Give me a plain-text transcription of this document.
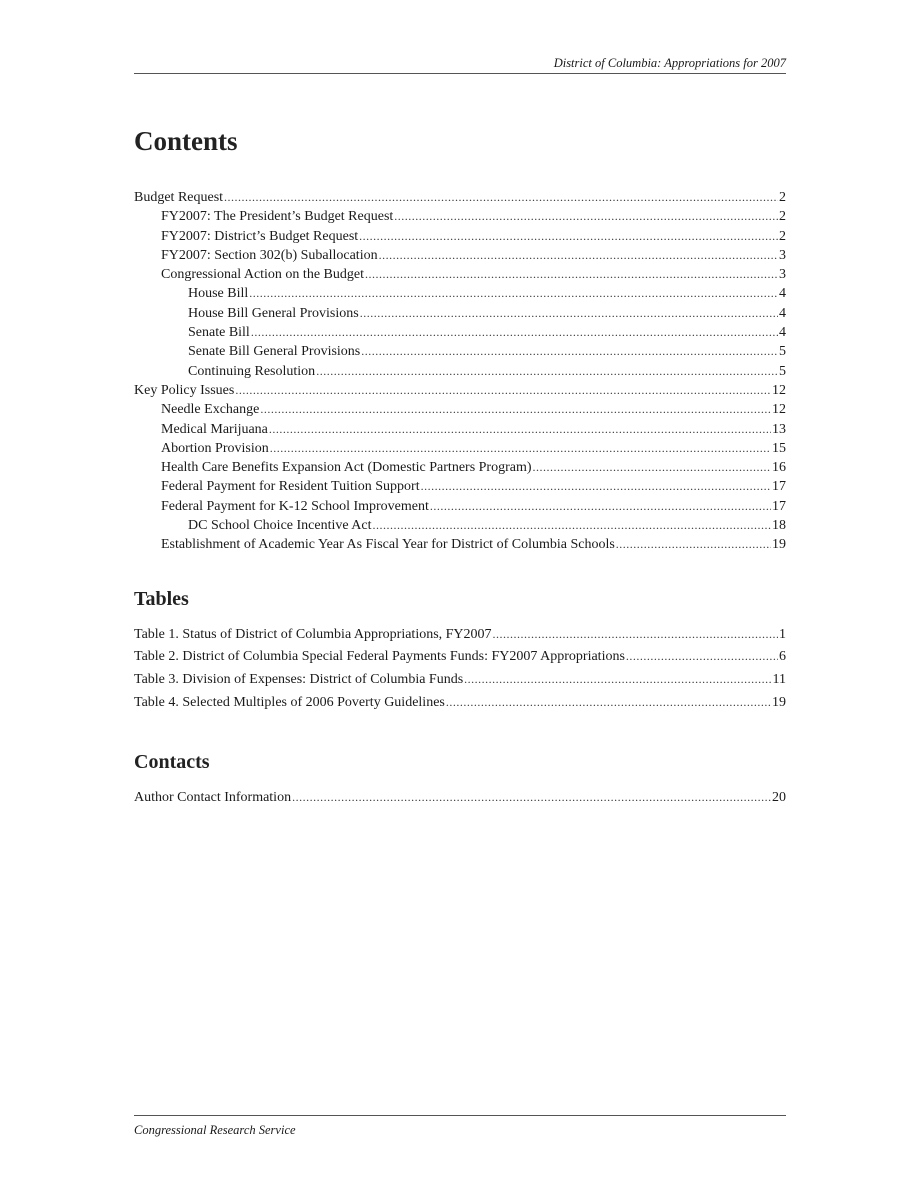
District of Columbia: Appropriations for 2007
Contents
Budget Request .....	2
FY2007: The President’s Budget Request .....	2
FY2007: District’s Budget Request .....	2
FY2007: Section 302(b) Suballocation .....	3
Congressional Action on the Budget .....	3
House Bill .....	4
House Bill General Provisions .....	4
Senate Bill .....	4
Senate Bill General Provisions .....	5
Continuing Resolution .....	5
Key Policy Issues .....	12
Needle Exchange .....	12
Medical Marijuana .....	13
Abortion Provision .....	15
Health Care Benefits Expansion Act (Domestic Partners Program) .....	16
Federal Payment for Resident Tuition Support .....	17
Federal Payment for K-12 School Improvement .....	17
DC School Choice Incentive Act .....	18
Establishment of Academic Year As Fiscal Year for District of Columbia Schools .....	19
Tables
Table 1. Status of District of Columbia Appropriations, FY2007 .....	1
Table 2. District of Columbia Special Federal Payments Funds: FY2007 Appropriations .....	6
Table 3. Division of Expenses: District of Columbia Funds .....	11
Table 4. Selected Multiples of 2006 Poverty Guidelines .....	19
Contacts
Author Contact Information .....	20
Congressional Research Service
